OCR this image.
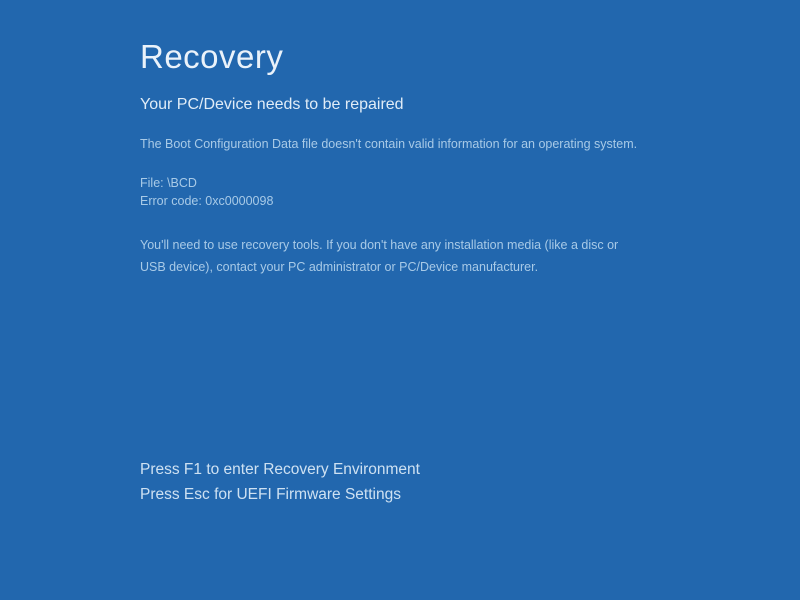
Recovery
Your PC/Device needs to be repaired
The Boot Configuration Data file doesn't contain valid information for an operating system.
File: \BCD
Error code: 0xc0000098
You'll need to use recovery tools. If you don't have any installation media (like a disc or USB device), contact your PC administrator or PC/Device manufacturer.
Press F1 to enter Recovery Environment
Press Esc for UEFI Firmware Settings
